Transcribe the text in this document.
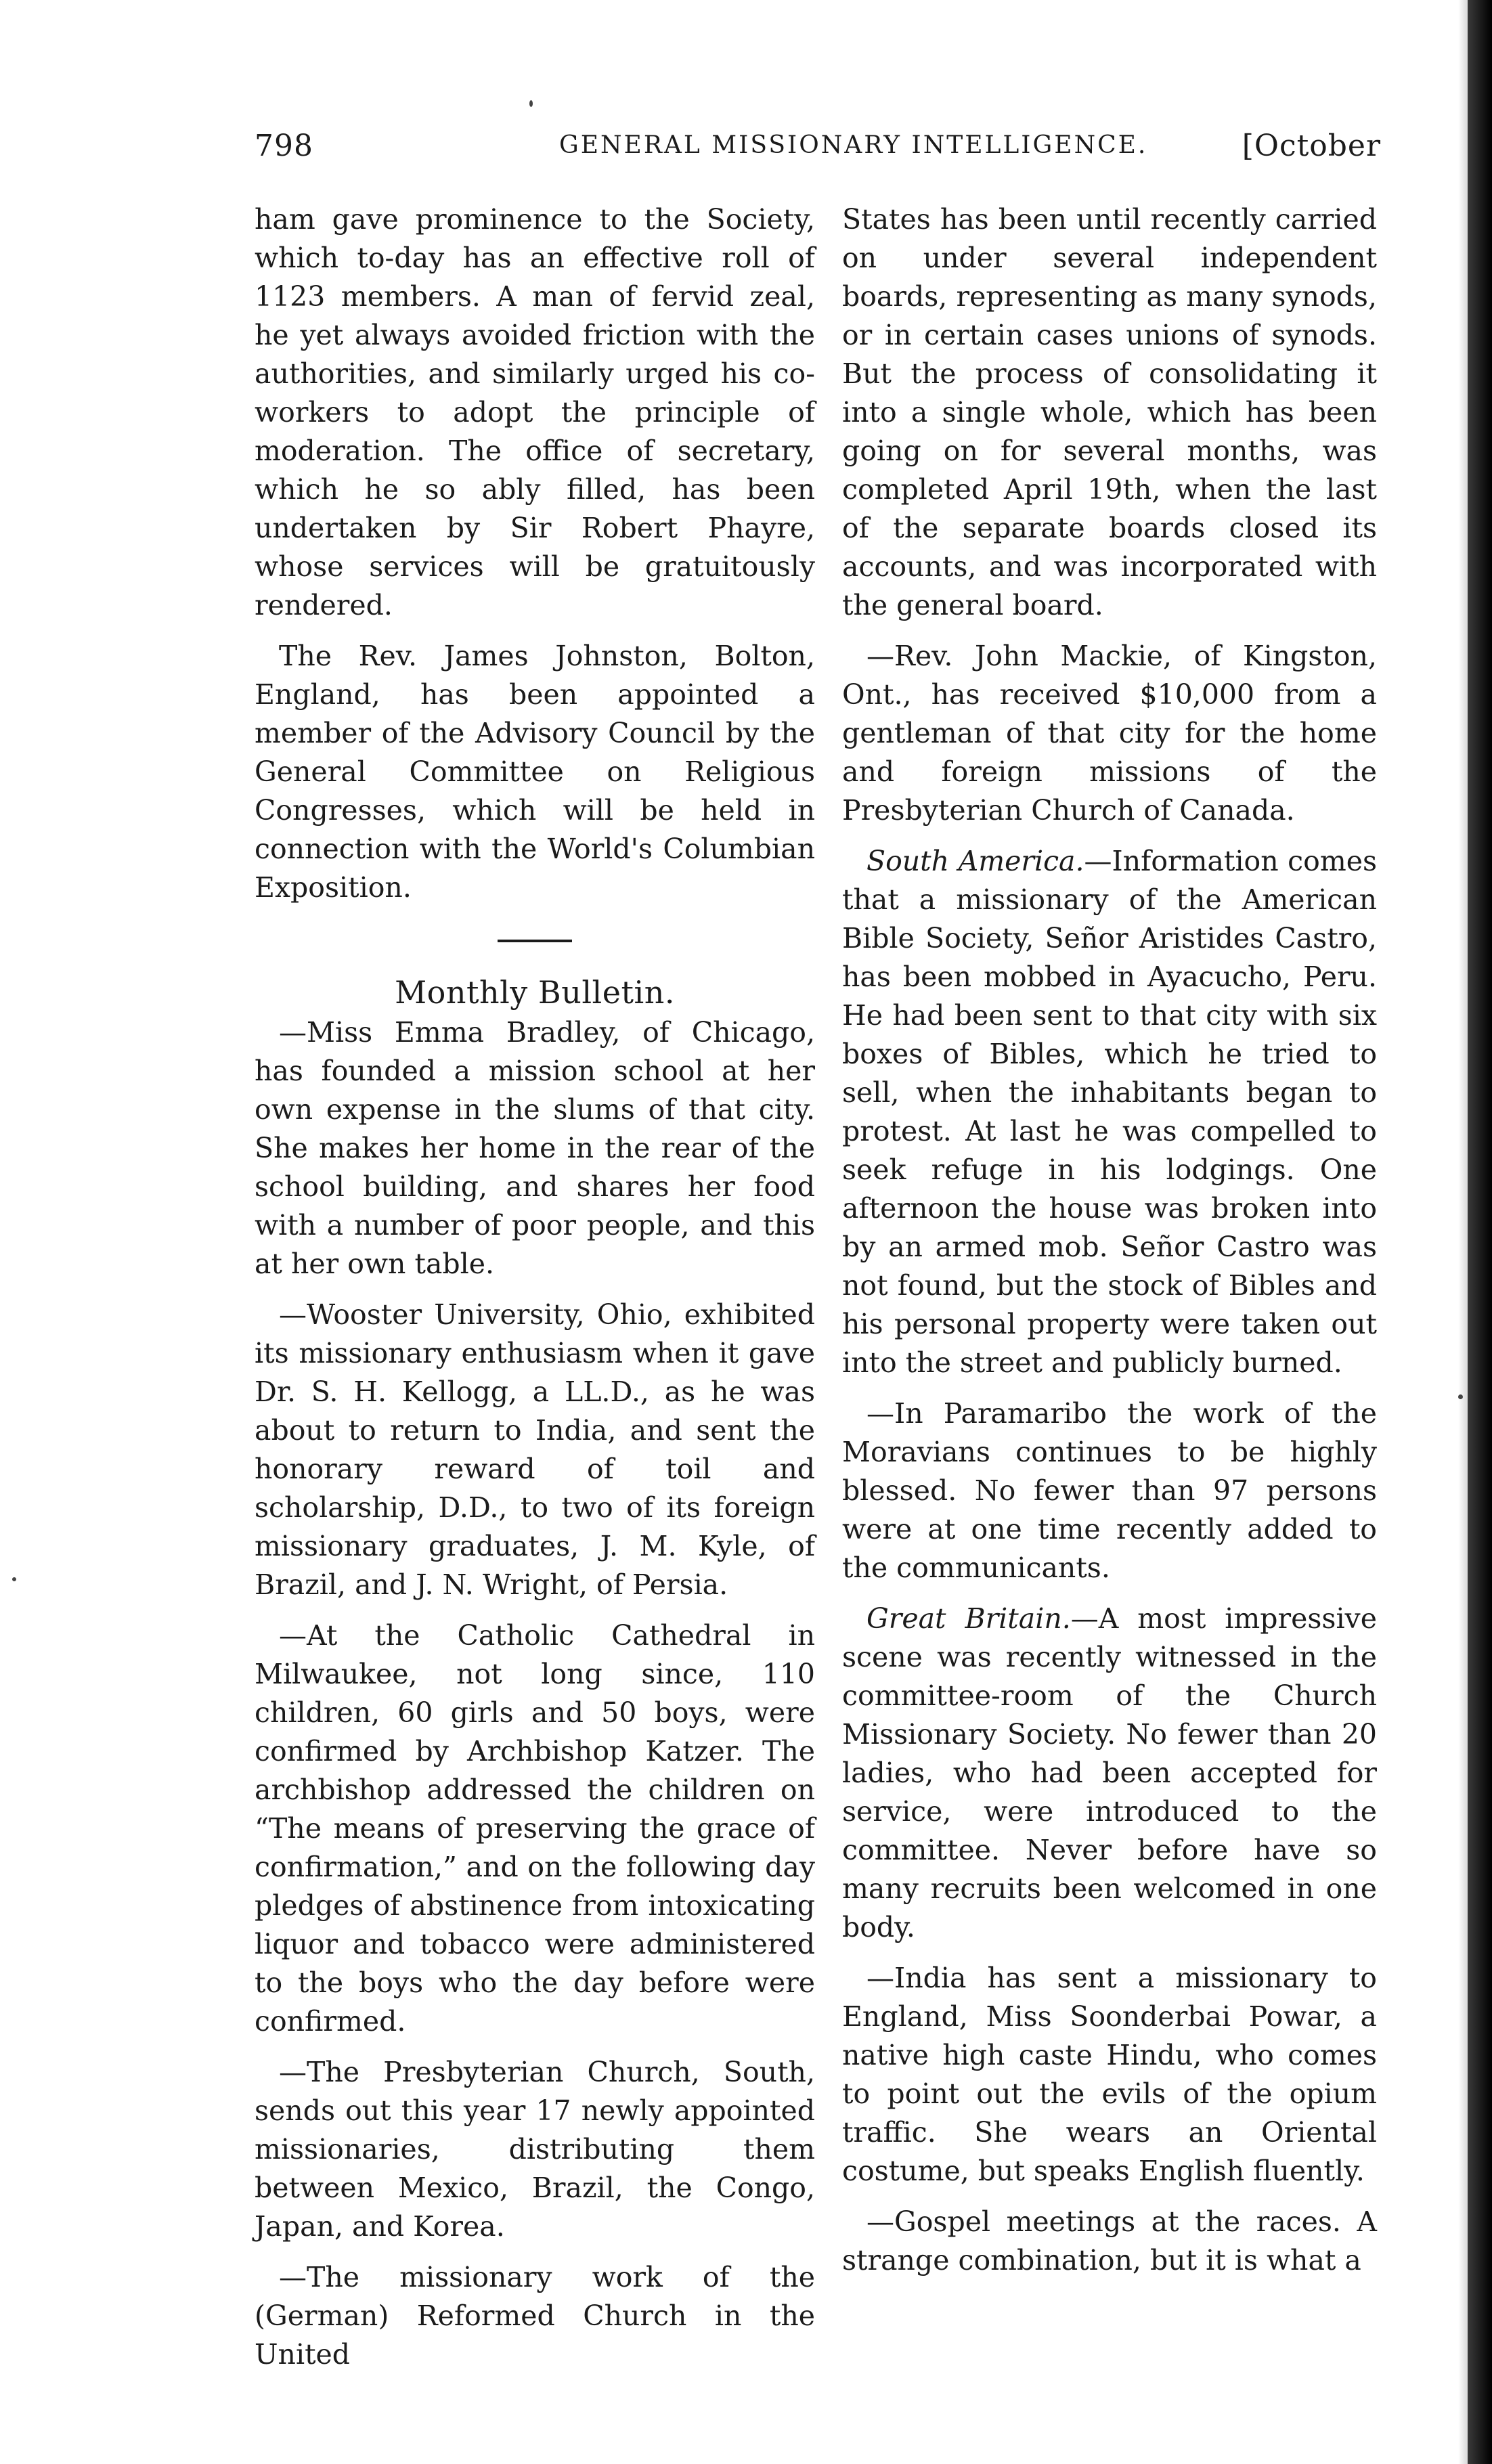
798	GENERAL MISSIONARY INTELLIGENCE.	[October

ham gave prominence to the Society, which to-day has an effective roll of 1123 members. A man of fervid zeal, he yet always avoided friction with the authorities, and similarly urged his co-workers to adopt the principle of moderation. The office of secretary, which he so ably filled, has been undertaken by Sir Robert Phayre, whose services will be gratuitously rendered.

The Rev. James Johnston, Bolton, England, has been appointed a member of the Advisory Council by the General Committee on Religious Congresses, which will be held in connection with the World's Columbian Exposition.

Monthly Bulletin.

—Miss Emma Bradley, of Chicago, has founded a mission school at her own expense in the slums of that city. She makes her home in the rear of the school building, and shares her food with a number of poor people, and this at her own table.

—Wooster University, Ohio, exhibited its missionary enthusiasm when it gave Dr. S. H. Kellogg, a LL.D., as he was about to return to India, and sent the honorary reward of toil and scholarship, D.D., to two of its foreign missionary graduates, J. M. Kyle, of Brazil, and J. N. Wright, of Persia.

—At the Catholic Cathedral in Milwaukee, not long since, 110 children, 60 girls and 50 boys, were confirmed by Archbishop Katzer. The archbishop addressed the children on “The means of preserving the grace of confirmation,” and on the following day pledges of abstinence from intoxicating liquor and tobacco were administered to the boys who the day before were confirmed.

—The Presbyterian Church, South, sends out this year 17 newly appointed missionaries, distributing them between Mexico, Brazil, the Congo, Japan, and Korea.

—The missionary work of the (German) Reformed Church in the United

States has been until recently carried on under several independent boards, representing as many synods, or in certain cases unions of synods. But the process of consolidating it into a single whole, which has been going on for several months, was completed April 19th, when the last of the separate boards closed its accounts, and was incorporated with the general board.

—Rev. John Mackie, of Kingston, Ont., has received $10,000 from a gentleman of that city for the home and foreign missions of the Presbyterian Church of Canada.

South America.—Information comes that a missionary of the American Bible Society, Señor Aristides Castro, has been mobbed in Ayacucho, Peru. He had been sent to that city with six boxes of Bibles, which he tried to sell, when the inhabitants began to protest. At last he was compelled to seek refuge in his lodgings. One afternoon the house was broken into by an armed mob. Señor Castro was not found, but the stock of Bibles and his personal property were taken out into the street and publicly burned.

—In Paramaribo the work of the Moravians continues to be highly blessed. No fewer than 97 persons were at one time recently added to the communicants.

Great Britain.—A most impressive scene was recently witnessed in the committee-room of the Church Missionary Society. No fewer than 20 ladies, who had been accepted for service, were introduced to the committee. Never before have so many recruits been welcomed in one body.

—India has sent a missionary to England, Miss Soonderbai Powar, a native high caste Hindu, who comes to point out the evils of the opium traffic. She wears an Oriental costume, but speaks English fluently.

—Gospel meetings at the races. A strange combination, but it is what a
